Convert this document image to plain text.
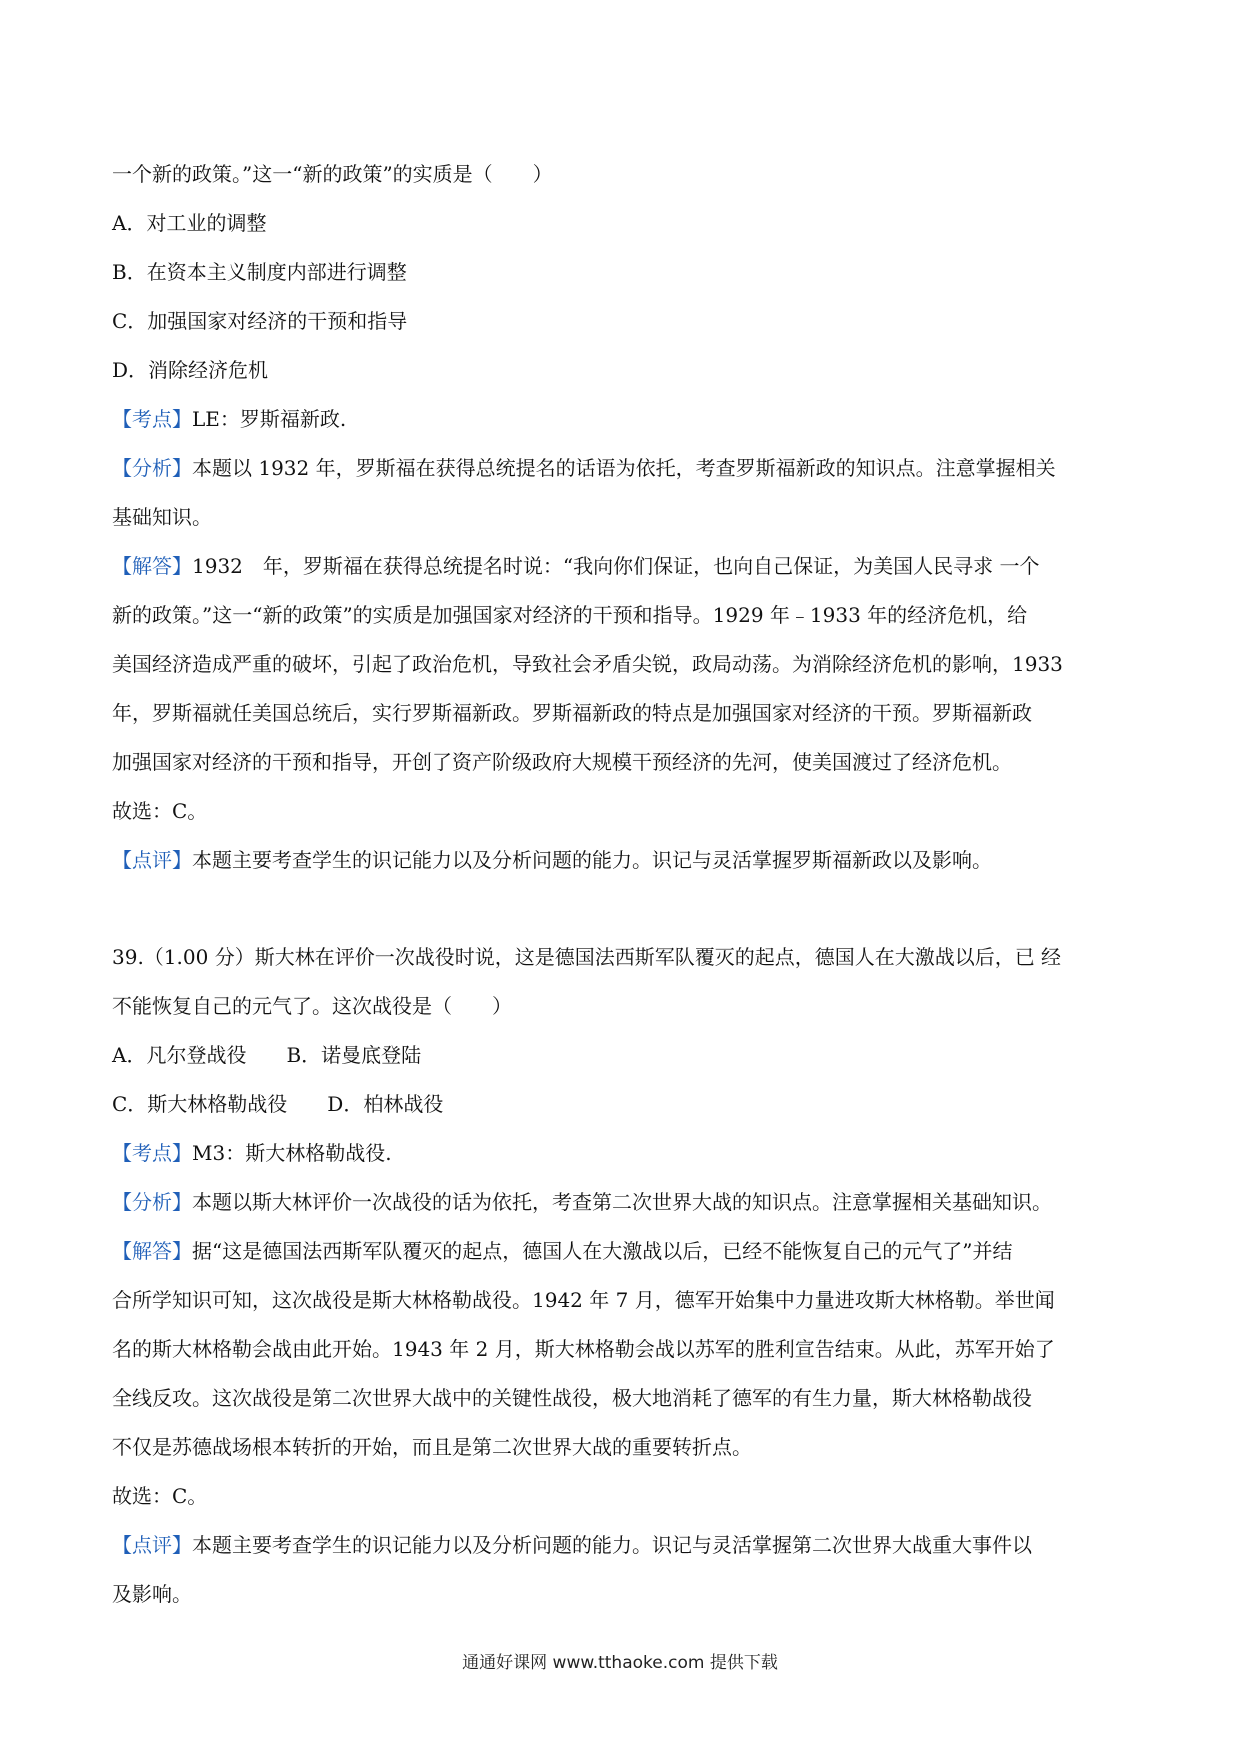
一个新的政策。”这一“新的政策”的实质是（　　）
A．对工业的调整
B．在资本主义制度内部进行调整
C．加强国家对经济的干预和指导
D．消除经济危机
【考点】LE：罗斯福新政.
【分析】本题以 1932 年，罗斯福在获得总统提名的话语为依托，考查罗斯福新政的知识点。注意掌握相关
基础知识。
【解答】1932　年，罗斯福在获得总统提名时说：“我向你们保证，也向自己保证，为美国人民寻求 一个
新的政策。”这一“新的政策”的实质是加强国家对经济的干预和指导。1929 年﹣1933 年的经济危机，给
美国经济造成严重的破坏，引起了政治危机，导致社会矛盾尖锐，政局动荡。为消除经济危机的影响，1933
年，罗斯福就任美国总统后，实行罗斯福新政。罗斯福新政的特点是加强国家对经济的干预。罗斯福新政
加强国家对经济的干预和指导，开创了资产阶级政府大规模干预经济的先河，使美国渡过了经济危机。
故选：C。
【点评】本题主要考查学生的识记能力以及分析问题的能力。识记与灵活掌握罗斯福新政以及影响。
39.（1.00 分）斯大林在评价一次战役时说，这是德国法西斯军队覆灭的起点，德国人在大激战以后，已 经
不能恢复自己的元气了。这次战役是（　　）
A．凡尔登战役　　B．诺曼底登陆
C．斯大林格勒战役　　D．柏林战役
【考点】M3：斯大林格勒战役.
【分析】本题以斯大林评价一次战役的话为依托，考查第二次世界大战的知识点。注意掌握相关基础知识。
【解答】据“这是德国法西斯军队覆灭的起点，德国人在大激战以后，已经不能恢复自己的元气了”并结
合所学知识可知，这次战役是斯大林格勒战役。1942 年 7 月，德军开始集中力量进攻斯大林格勒。举世闻
名的斯大林格勒会战由此开始。1943 年 2 月，斯大林格勒会战以苏军的胜利宣告结束。从此，苏军开始了
全线反攻。这次战役是第二次世界大战中的关键性战役，极大地消耗了德军的有生力量，斯大林格勒战役
不仅是苏德战场根本转折的开始，而且是第二次世界大战的重要转折点。
故选：C。
【点评】本题主要考查学生的识记能力以及分析问题的能力。识记与灵活掌握第二次世界大战重大事件以
及影响。
通通好课网 www.tthaoke.com 提供下载
